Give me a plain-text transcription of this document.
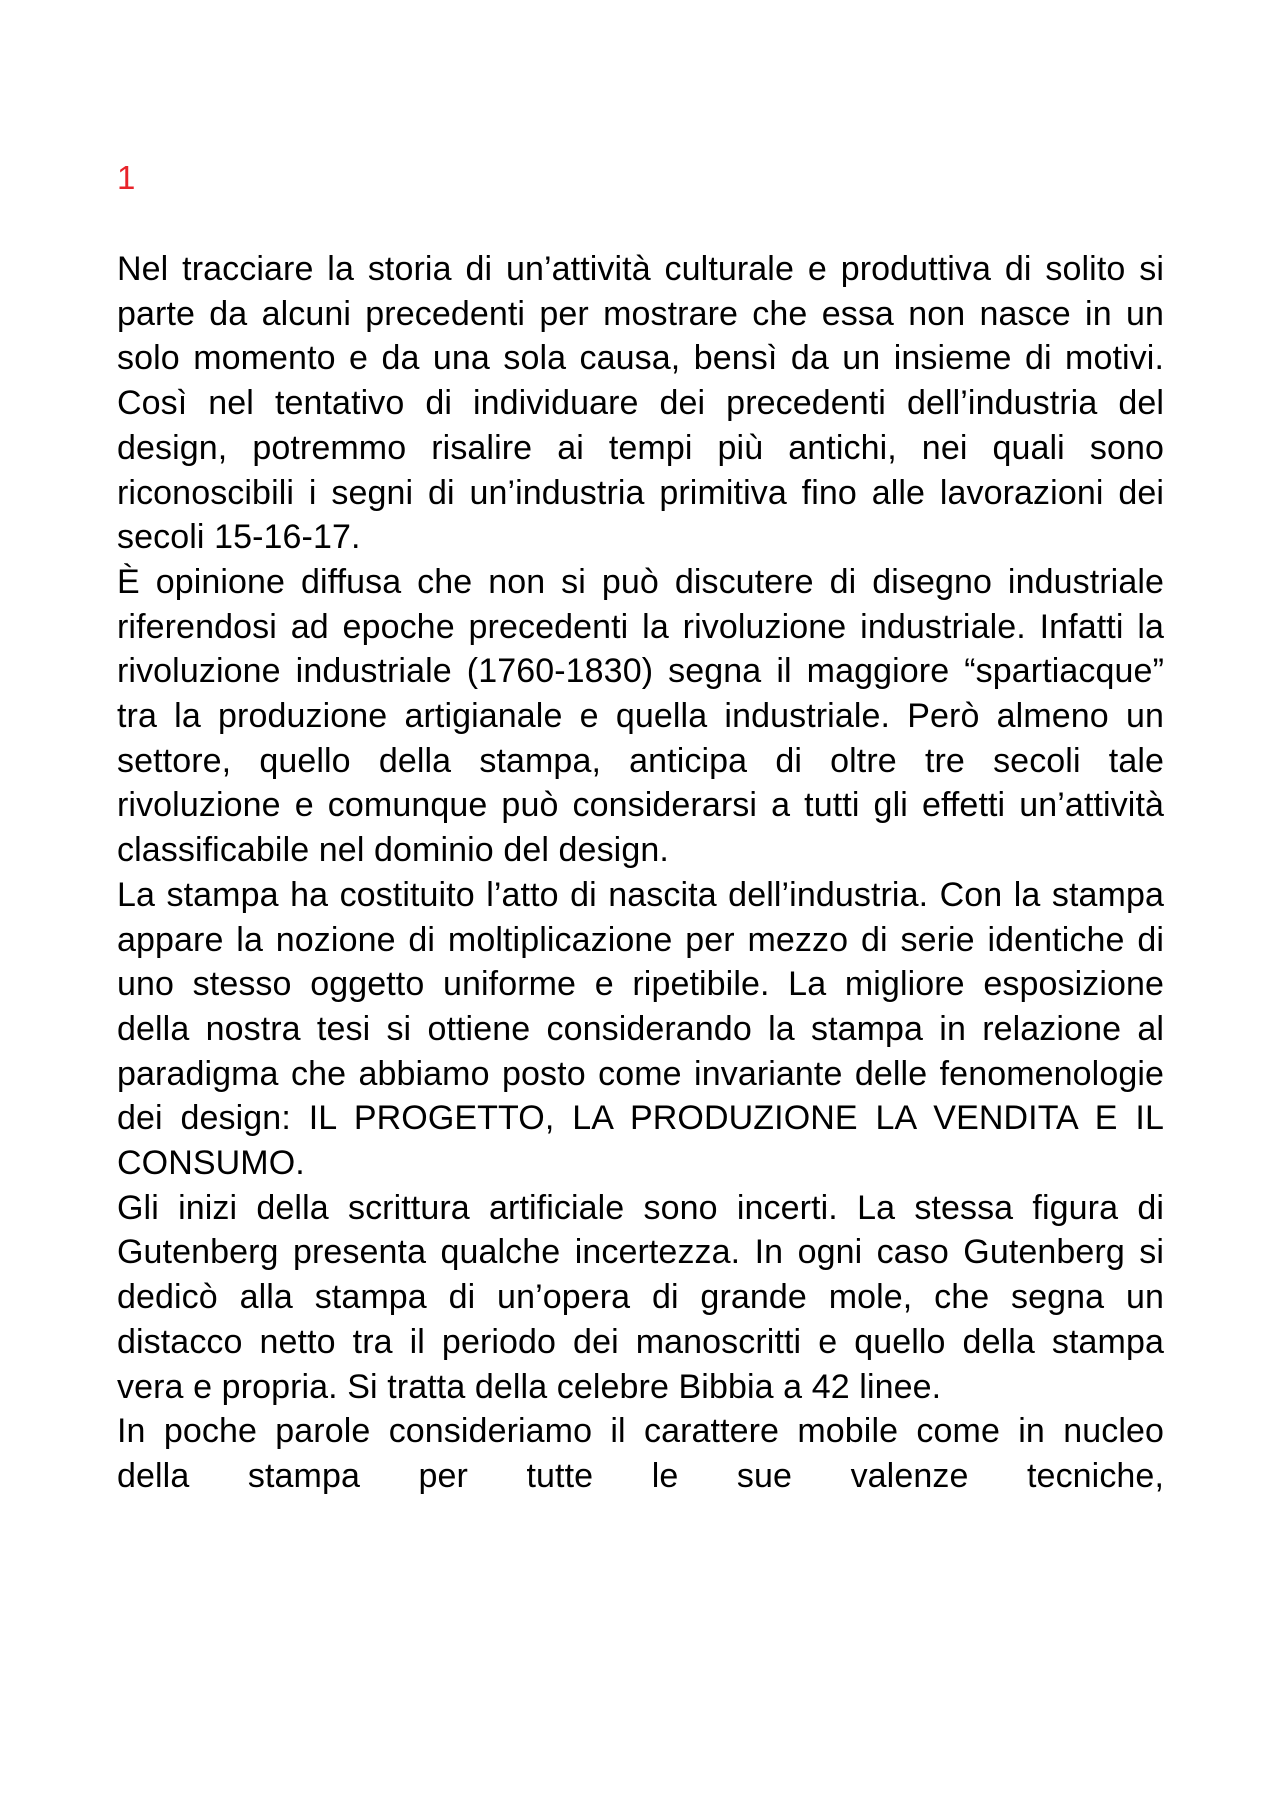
1

Nel tracciare la storia di un’attività culturale e produttiva di solito si parte da alcuni precedenti per mostrare che essa non nasce in un solo momento e da una sola causa, bensì da un insieme di motivi. Così nel tentativo di individuare dei precedenti dell’industria del design, potremmo risalire ai tempi più antichi, nei quali sono riconoscibili i segni di un’industria primitiva fino alle lavorazioni dei secoli 15-16-17.

È opinione diffusa che non si può discutere di disegno industriale riferendosi ad epoche precedenti la rivoluzione industriale. Infatti la rivoluzione industriale (1760-1830) segna il maggiore “spartiacque” tra la produzione artigianale e quella industriale. Però almeno un settore, quello della stampa, anticipa di oltre tre secoli tale rivoluzione e comunque può considerarsi a tutti gli effetti un’attività classificabile nel dominio del design.

La stampa ha costituito l’atto di nascita dell’industria. Con la stampa appare la nozione di moltiplicazione per mezzo di serie identiche di uno stesso oggetto uniforme e ripetibile. La migliore esposizione della nostra tesi si ottiene considerando la stampa in relazione al paradigma che abbiamo posto come invariante delle fenomenologie dei design: IL PROGETTO, LA PRODUZIONE LA VENDITA E IL CONSUMO.

Gli inizi della scrittura artificiale sono incerti. La stessa figura di Gutenberg presenta qualche incertezza. In ogni caso Gutenberg si dedicò alla stampa di un’opera di grande mole, che segna un distacco netto tra il periodo dei manoscritti e quello della stampa vera e propria. Si tratta della celebre Bibbia a 42 linee.

In poche parole consideriamo il carattere mobile come in nucleo della stampa per tutte le sue valenze tecniche,
